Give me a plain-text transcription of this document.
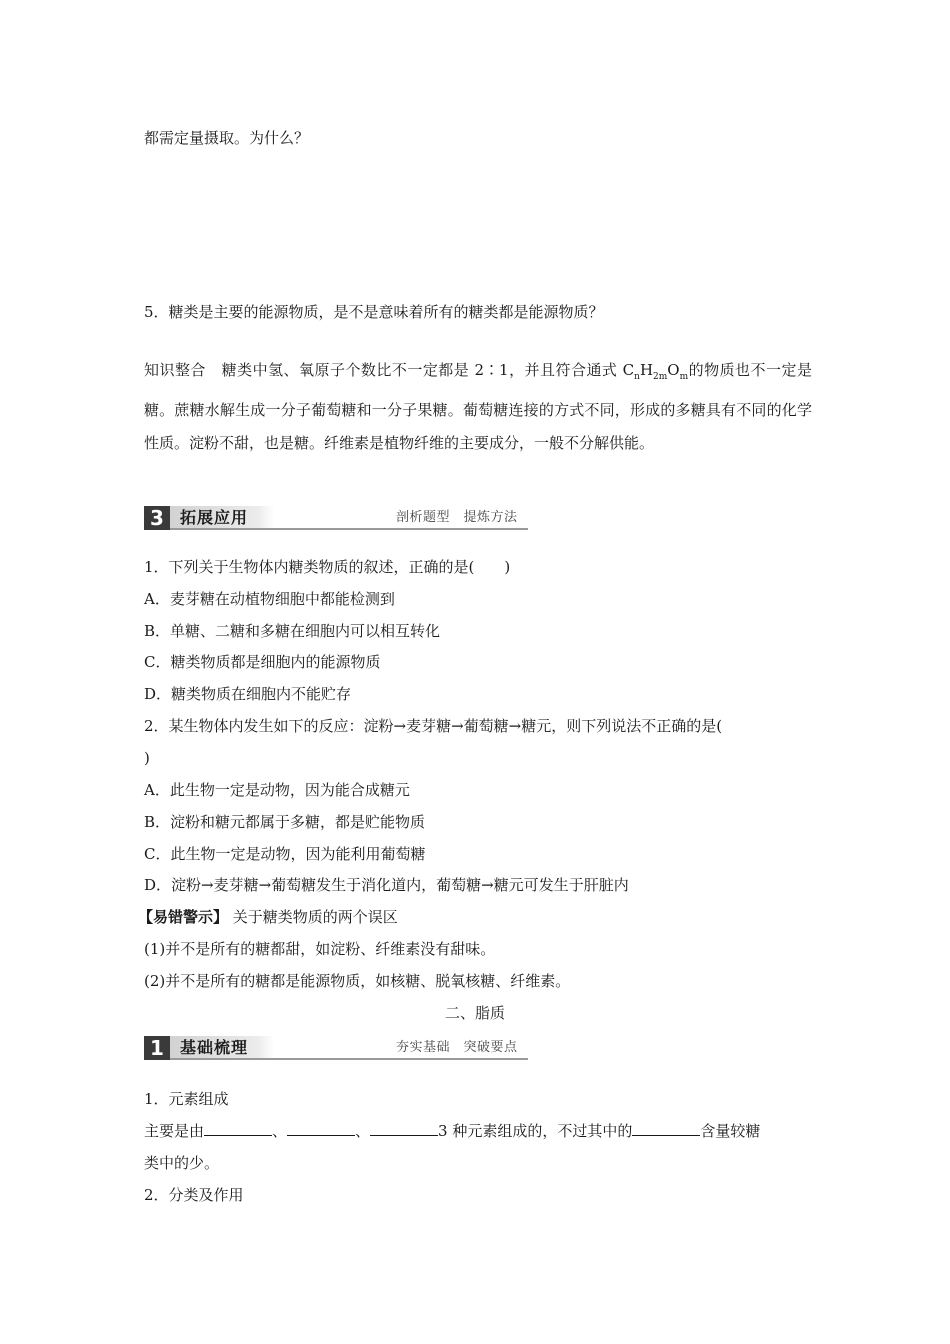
都需定量摄取。为什么？
5．糖类是主要的能源物质，是不是意味着所有的糖类都是能源物质？
知识整合 糖类中氢、氧原子个数比不一定都是 2∶1，并且符合通式 $C_nH_{2m}O_m$的物质也不一定是糖。蔗糖水解生成一分子葡萄糖和一分子果糖。葡萄糖连接的方式不同，形成的多糖具有不同的化学性质。淀粉不甜，也是糖。纤维素是植物纤维的主要成分，一般不分解供能。
3	拓展应用	剖析题型　提炼方法
1．下列关于生物体内糖类物质的叙述，正确的是(　　)
A．麦芽糖在动植物细胞中都能检测到
B．单糖、二糖和多糖在细胞内可以相互转化
C．糖类物质都是细胞内的能源物质
D．糖类物质在细胞内不能贮存
2．某生物体内发生如下的反应：淀粉→麦芽糖→葡萄糖→糖元，则下列说法不正确的是(
)
A．此生物一定是动物，因为能合成糖元
B．淀粉和糖元都属于多糖，都是贮能物质
C．此生物一定是动物，因为能利用葡萄糖
D．淀粉→麦芽糖→葡萄糖发生于消化道内，葡萄糖→糖元可发生于肝脏内
【易错警示】 关于糖类物质的两个误区
(1)并不是所有的糖都甜，如淀粉、纤维素没有甜味。
(2)并不是所有的糖都是能源物质，如核糖、脱氧核糖、纤维素。
二、脂质
1	基础梳理	夯实基础　突破要点
1．元素组成
主要是由	、	、	3 种元素组成的，不过其中的	含量较糖
类中的少。
2．分类及作用
